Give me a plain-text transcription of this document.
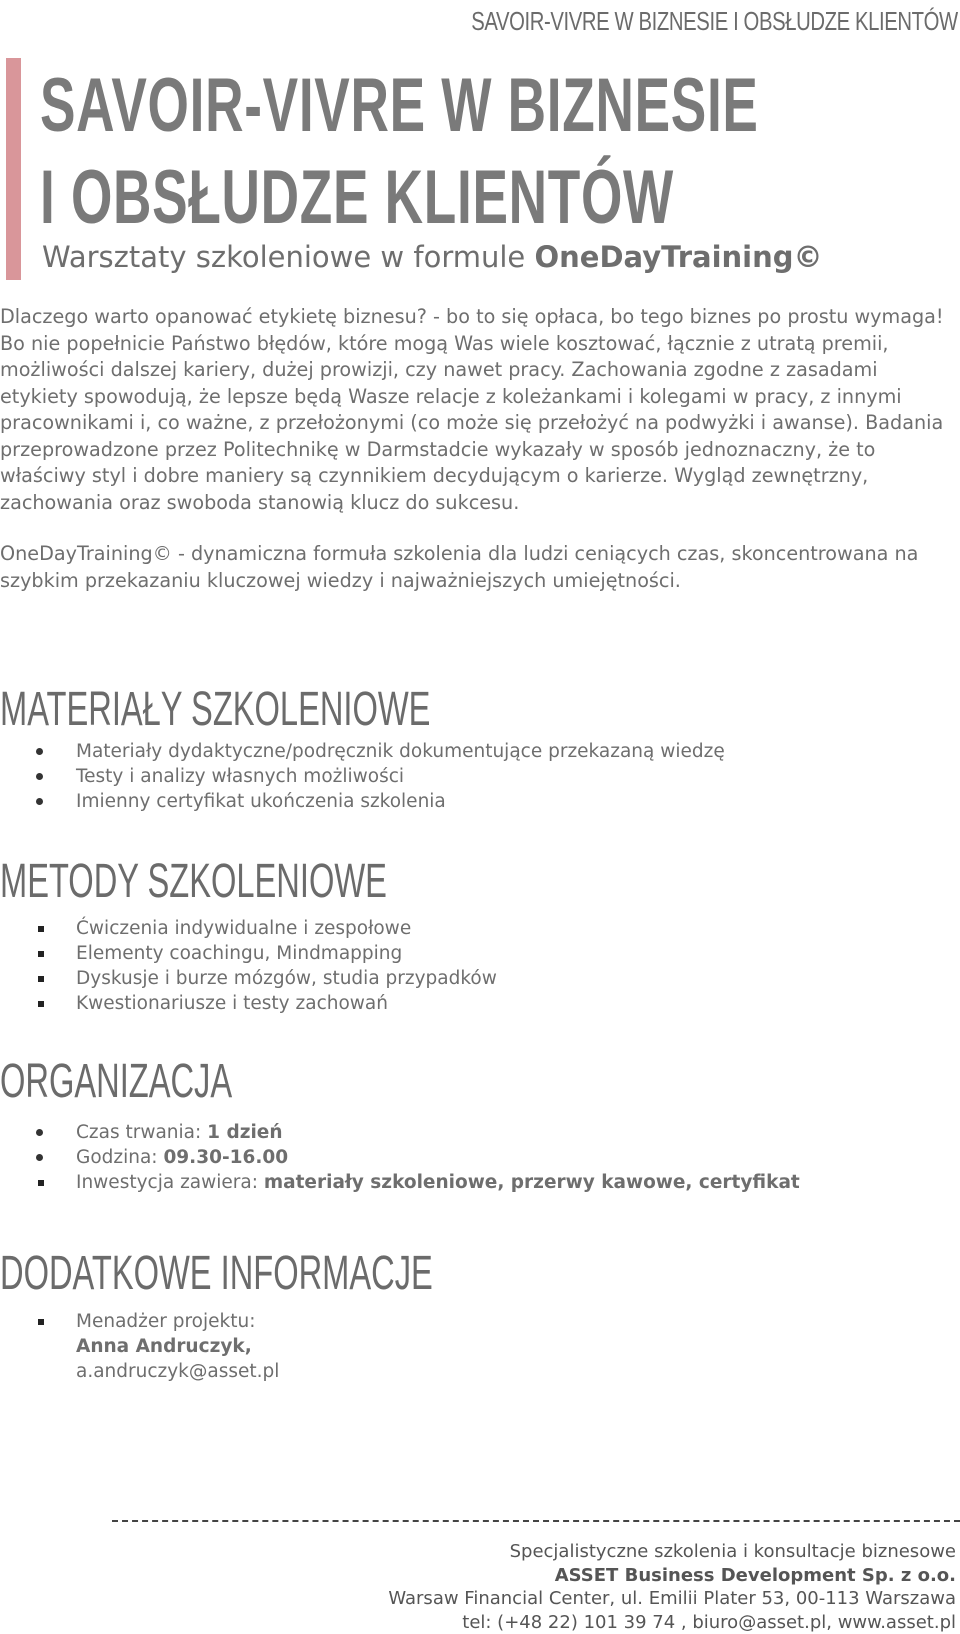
SAVOIR-VIVRE W BIZNESIE I OBSŁUDZE KLIENTÓW
SAVOIR-VIVRE W BIZNESIE
I OBSŁUDZE KLIENTÓW
Warsztaty szkoleniowe w formule OneDayTraining©

Dlaczego warto opanować etykietę biznesu? - bo to się opłaca, bo tego biznes po prostu wymaga! Bo nie popełnicie Państwo błędów, które mogą Was wiele kosztować, łącznie z utratą premii, możliwości dalszej kariery, dużej prowizji, czy nawet pracy. Zachowania zgodne z zasadami etykiety spowodują, że lepsze będą Wasze relacje z koleżankami i kolegami w pracy, z innymi pracownikami i, co ważne, z przełożonymi (co może się przełożyć na podwyżki i awanse). Badania przeprowadzone przez Politechnikę w Darmstadcie wykazały w sposób jednoznaczny, że to właściwy styl i dobre maniery są czynnikiem decydującym o karierze. Wygląd zewnętrzny, zachowania oraz swoboda stanowią klucz do sukcesu.

OneDayTraining© - dynamiczna formuła szkolenia dla ludzi ceniących czas, skoncentrowana na szybkim przekazaniu kluczowej wiedzy i najważniejszych umiejętności.

MATERIAŁY SZKOLENIOWE
Materiały dydaktyczne/podręcznik dokumentujące przekazaną wiedzę
Testy i analizy własnych możliwości
Imienny certyfikat ukończenia szkolenia
METODY SZKOLENIOWE
Ćwiczenia indywidualne i zespołowe
Elementy coachingu, Mindmapping
Dyskusje i burze mózgów, studia przypadków
Kwestionariusze i testy zachowań
ORGANIZACJA
Czas trwania: 1 dzień
Godzina: 09.30-16.00
Inwestycja zawiera: materiały szkoleniowe, przerwy kawowe, certyfikat
DODATKOWE INFORMACJE
Menadżer projektu:
Anna Andruczyk,
a.andruczyk@asset.pl
Specjalistyczne szkolenia i konsultacje biznesowe
ASSET Business Development Sp. z o.o.
Warsaw Financial Center, ul. Emilii Plater 53, 00-113 Warszawa
tel: (+48 22) 101 39 74 , biuro@asset.pl, www.asset.pl
